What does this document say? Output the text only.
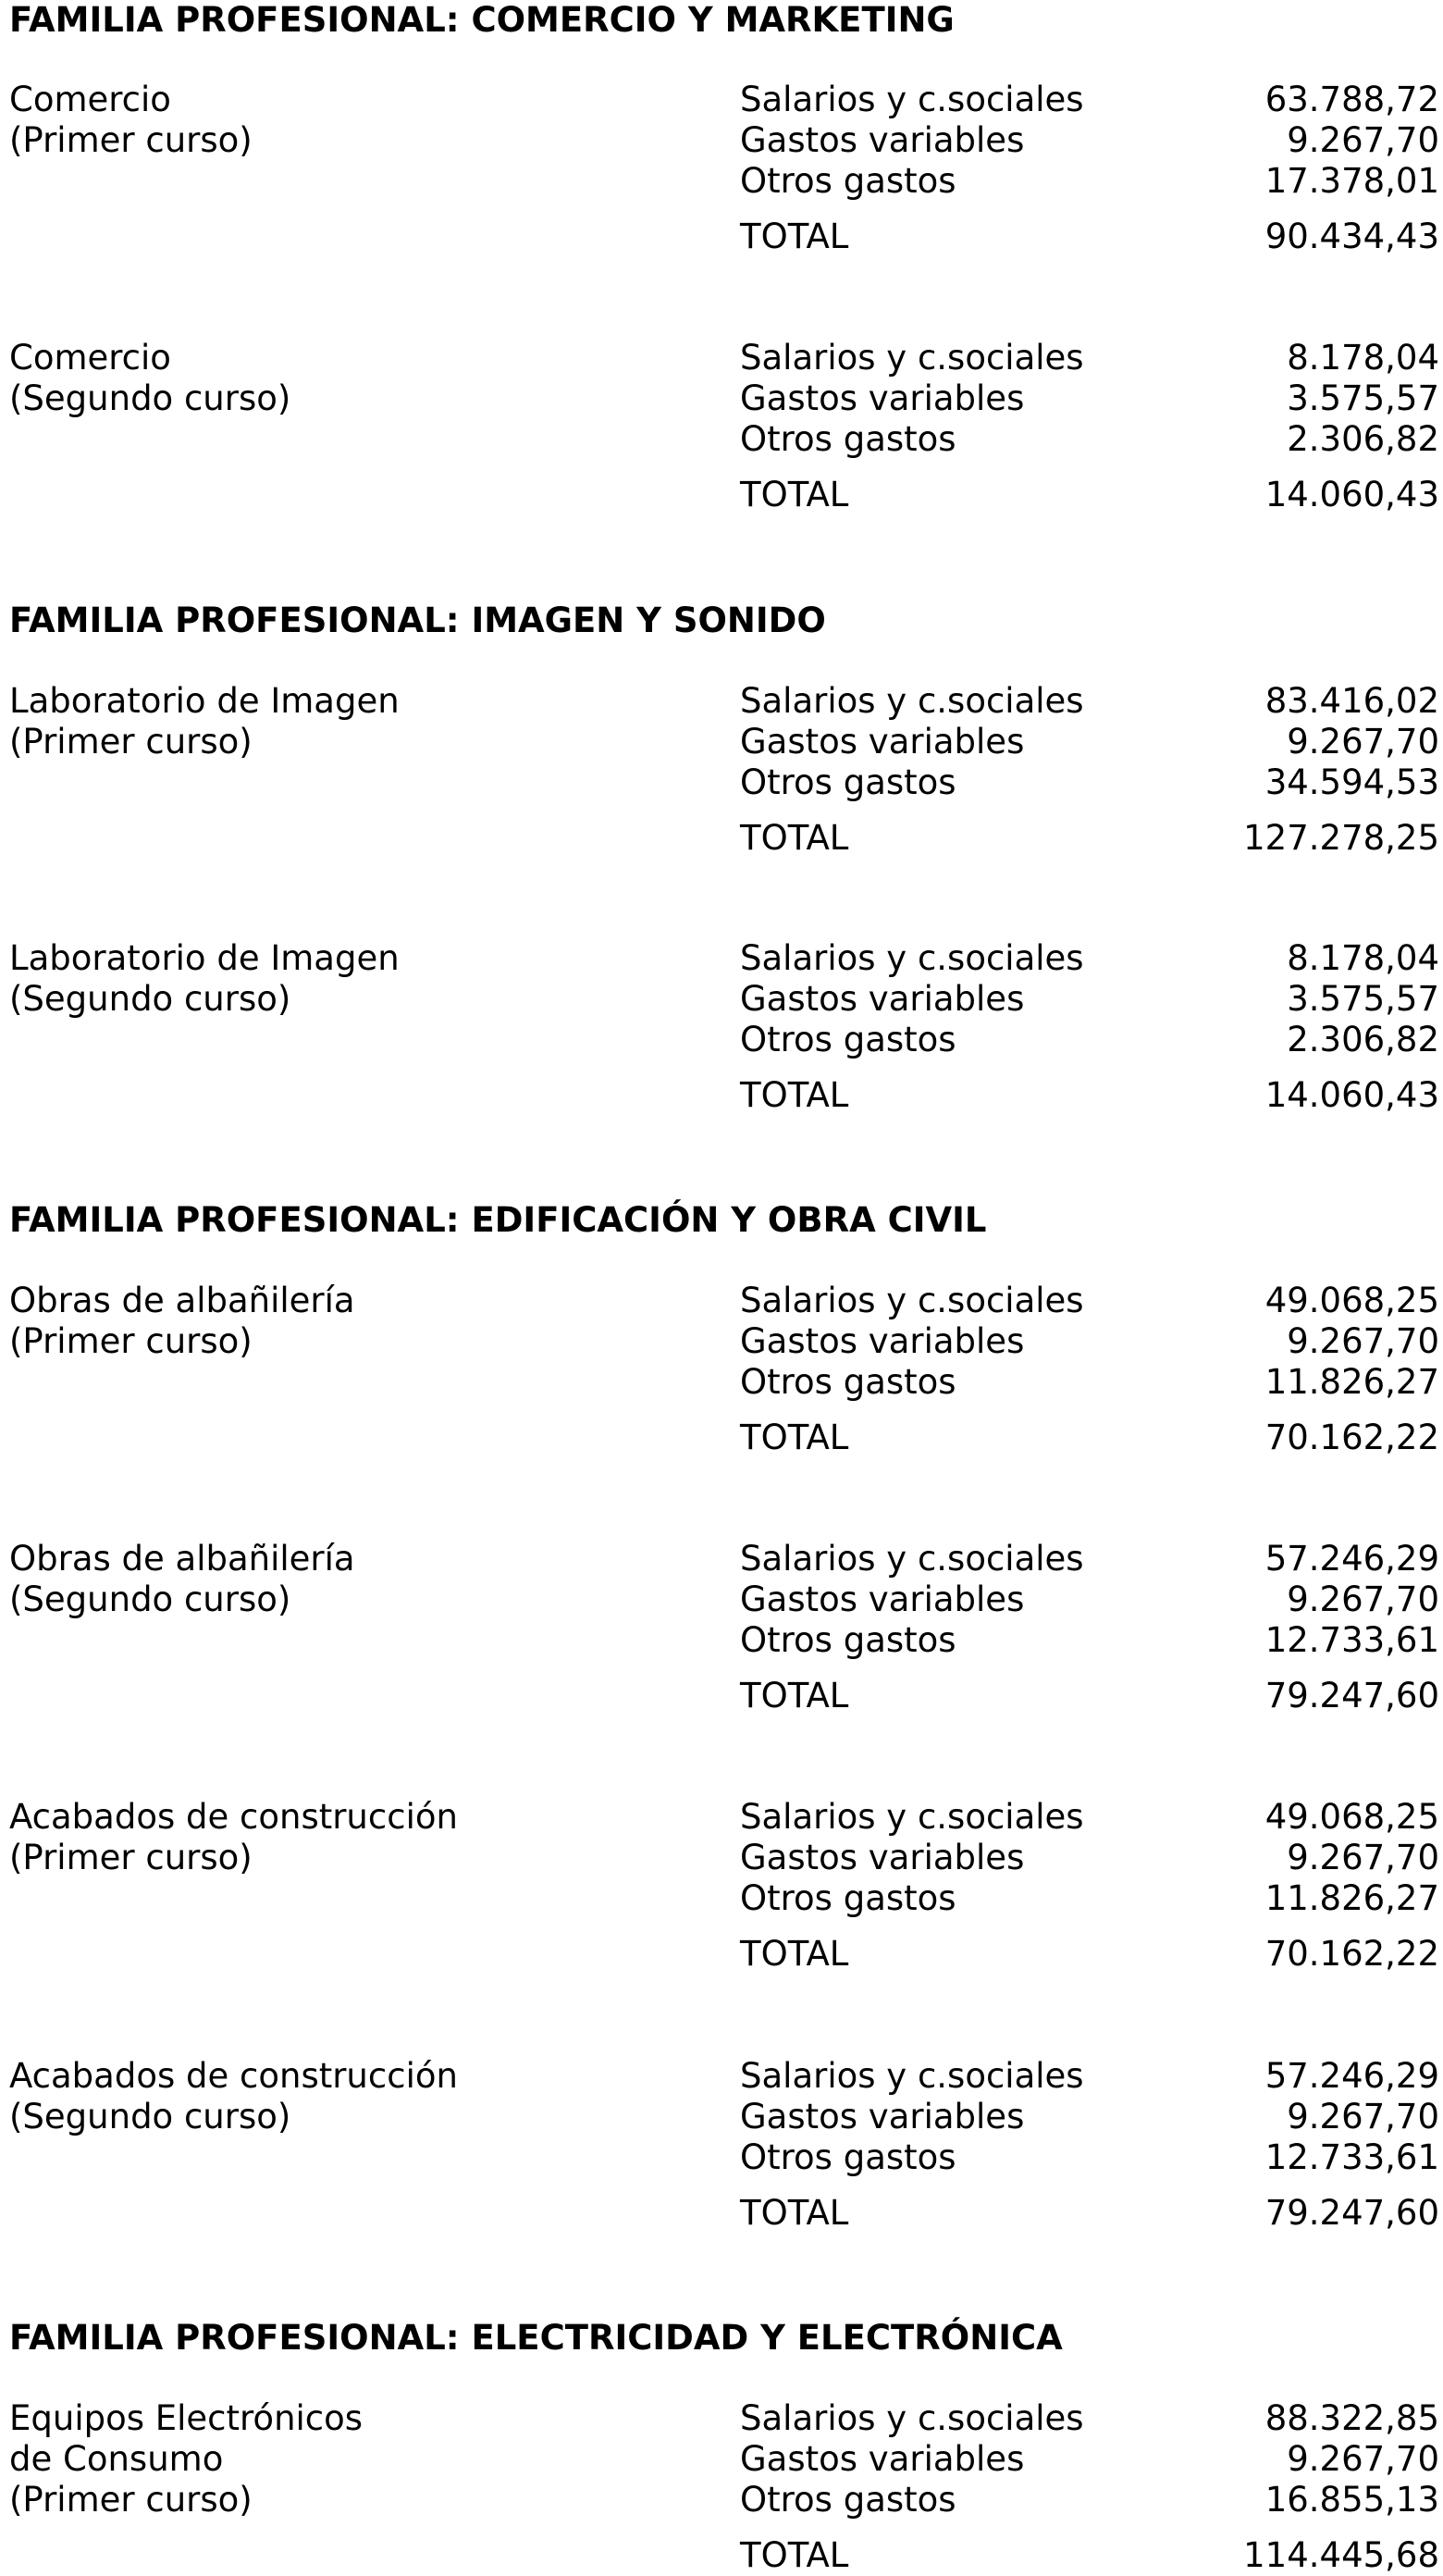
FAMILIA PROFESIONAL: COMERCIO Y MARKETING
Comercio	Salarios y c.sociales	63.788,72
(Primer curso)	Gastos variables	9.267,70
Otros gastos	17.378,01
TOTAL	90.434,43
Comercio	Salarios y c.sociales	8.178,04
(Segundo curso)	Gastos variables	3.575,57
Otros gastos	2.306,82
TOTAL	14.060,43
FAMILIA PROFESIONAL: IMAGEN Y SONIDO
Laboratorio de Imagen	Salarios y c.sociales	83.416,02
(Primer curso)	Gastos variables	9.267,70
Otros gastos	34.594,53
TOTAL	127.278,25
Laboratorio de Imagen	Salarios y c.sociales	8.178,04
(Segundo curso)	Gastos variables	3.575,57
Otros gastos	2.306,82
TOTAL	14.060,43
FAMILIA PROFESIONAL: EDIFICACIÓN Y OBRA CIVIL
Obras de albañilería	Salarios y c.sociales	49.068,25
(Primer curso)	Gastos variables	9.267,70
Otros gastos	11.826,27
TOTAL	70.162,22
Obras de albañilería	Salarios y c.sociales	57.246,29
(Segundo curso)	Gastos variables	9.267,70
Otros gastos	12.733,61
TOTAL	79.247,60
Acabados de construcción	Salarios y c.sociales	49.068,25
(Primer curso)	Gastos variables	9.267,70
Otros gastos	11.826,27
TOTAL	70.162,22
Acabados de construcción	Salarios y c.sociales	57.246,29
(Segundo curso)	Gastos variables	9.267,70
Otros gastos	12.733,61
TOTAL	79.247,60
FAMILIA PROFESIONAL: ELECTRICIDAD Y ELECTRÓNICA
Equipos Electrónicos	Salarios y c.sociales	88.322,85
de Consumo	Gastos variables	9.267,70
(Primer curso)	Otros gastos	16.855,13
TOTAL	114.445,68
